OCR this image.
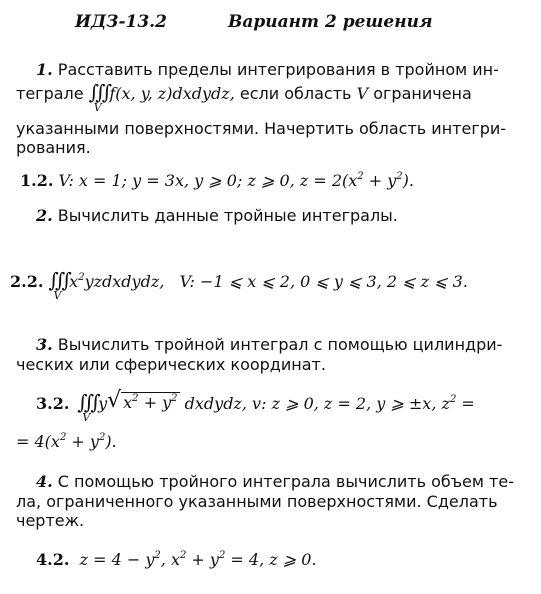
ИДЗ-13.2	Вариант 2 решения
1. Расставить пределы интегрирования в тройном ин-
теграле ∭
V
f(x, y, z)dxdydz, если область V ограничена
указанными поверхностями. Начертить область интегри-
рования.
1.2. V: x = 1; y = 3x, y ⩾ 0; z ⩾ 0, $z = 2(x^2 + y^2)$.
2. Вычислить данные тройные интегралы.
2.2. ∭
V
$x^2yzdxdydz$, V: −1 ⩽ x ⩽ 2, 0 ⩽ y ⩽ 3, 2 ⩽ z ⩽ 3.
3. Вычислить тройной интеграл с помощью цилиндри-
ческих или сферических координат.
3.2. ∭
V
y √ $x^2 + y^2$
dxdydz,
v: z ⩾ 0, z = 2, y ⩾ ±x, $z^2$ =
= $4(x^2 + y^2)$.
4. С помощью тройного интеграла вычислить объем те-
ла, ограниченного указанными поверхностями. Сделать
чертеж.
4.2. $z = 4 - y^2$, $x^2 + y^2 = 4$, z ⩾ 0.
